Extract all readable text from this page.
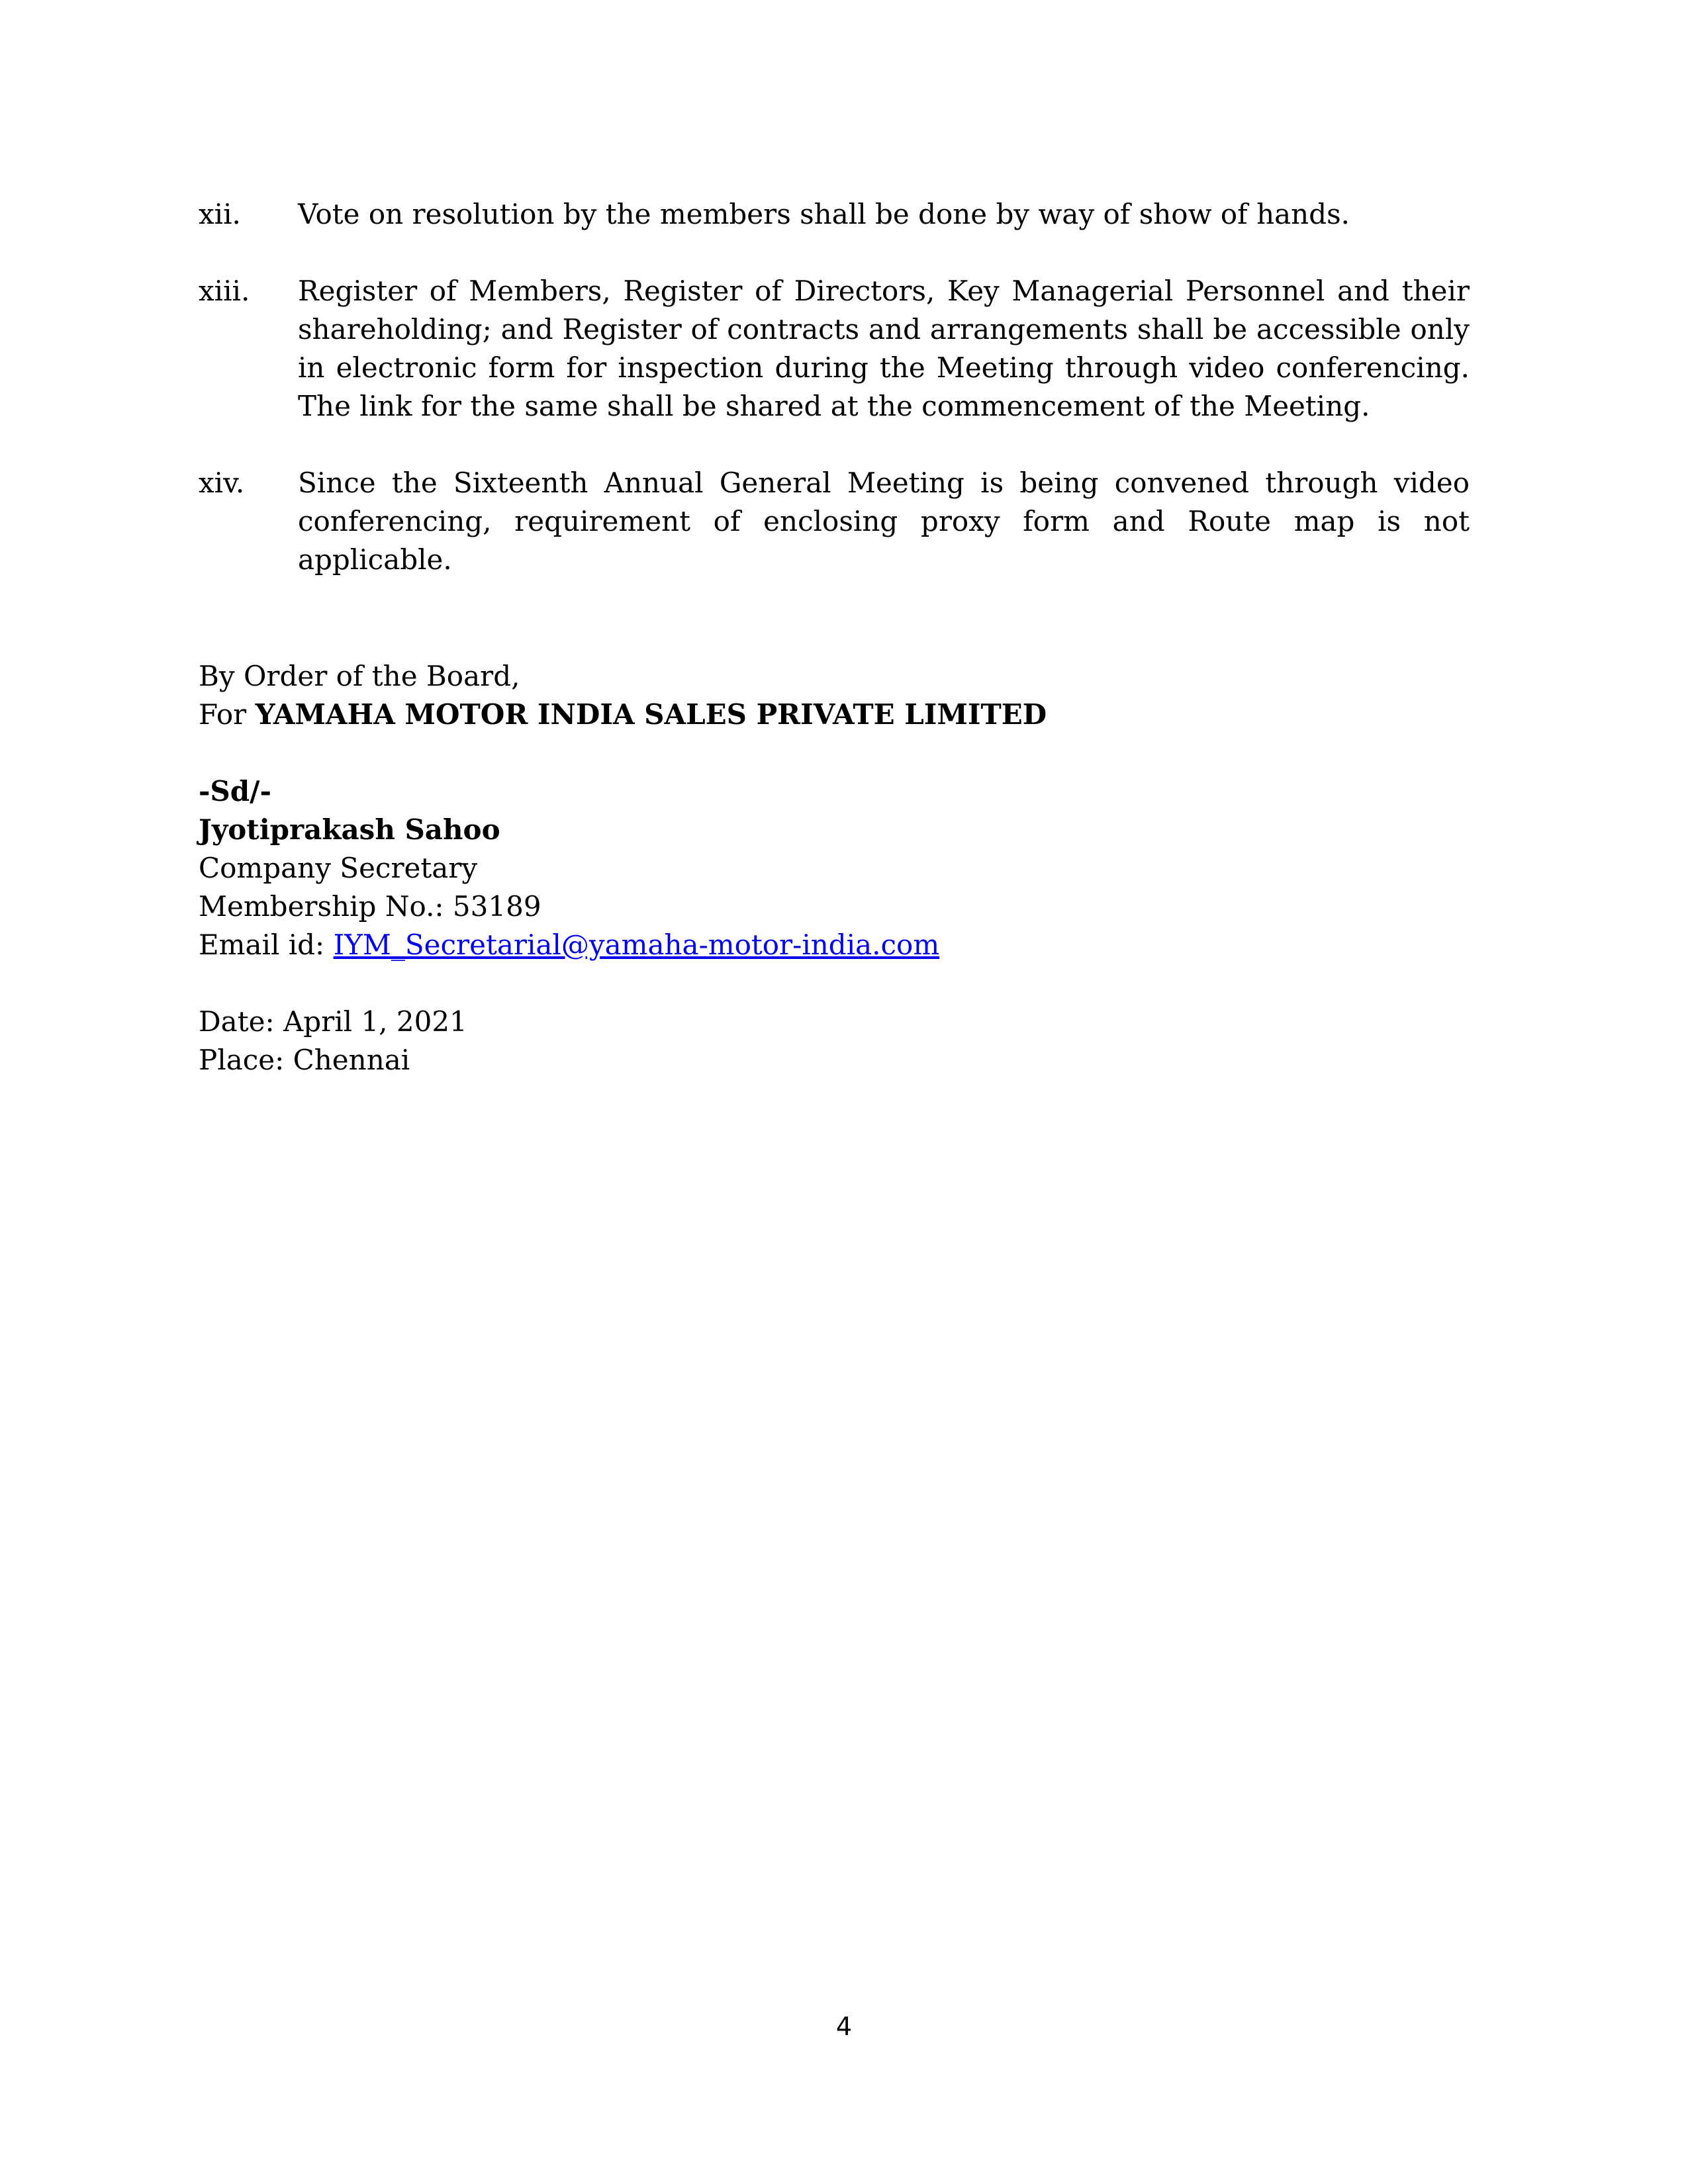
xii.	Vote on resolution by the members shall be done by way of show of hands.
xiii.	Register of Members, Register of Directors, Key Managerial Personnel and their shareholding; and Register of contracts and arrangements shall be accessible only in electronic form for inspection during the Meeting through video conferencing. The link for the same shall be shared at the commencement of the Meeting.
xiv.	Since the Sixteenth Annual General Meeting is being convened through video conferencing, requirement of enclosing proxy form and Route map is not applicable.
By Order of the Board,
For YAMAHA MOTOR INDIA SALES PRIVATE LIMITED
-Sd/-
Jyotiprakash Sahoo
Company Secretary
Membership No.: 53189
Email id: IYM_Secretarial@yamaha-motor-india.com
Date: April 1, 2021
Place: Chennai
4
